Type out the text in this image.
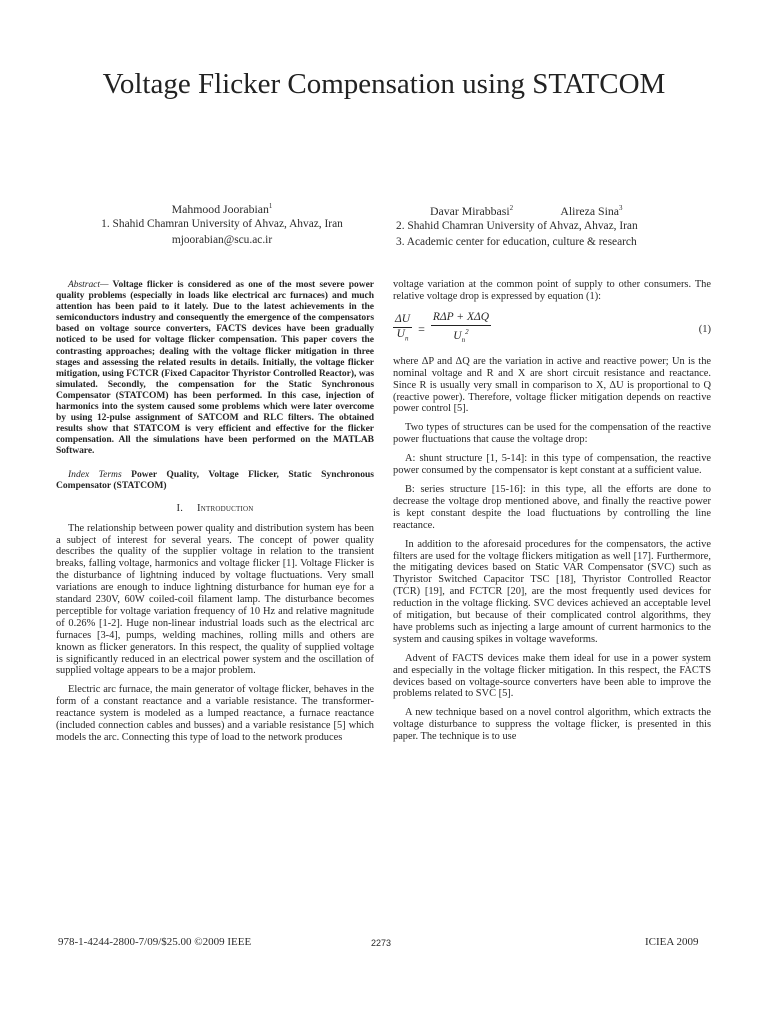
Voltage Flicker Compensation using STATCOM
Mahmood Joorabian$^1$
1. Shahid Chamran University of Ahvaz, Ahvaz, Iran
mjoorabian@scu.ac.ir
Davar Mirabbasi$^2$	Alireza Sina$^3$
2. Shahid Chamran University of Ahvaz, Ahvaz, Iran
3. Academic center for education, culture & research

Abstract— Voltage flicker is considered as one of the most severe power quality problems (especially in loads like electrical arc furnaces) and much attention has been paid to it lately. Due to the latest achievements in the semiconductors industry and consequently the emergence of the compensators based on voltage source converters, FACTS devices have been gradually noticed to be used for voltage flicker compensation. This paper covers the contrasting approaches; dealing with the voltage flicker mitigation in three stages and assessing the related results in details. Initially, the voltage flicker mitigation, using FCTCR (Fixed Capacitor Thyristor Controlled Reactor), was simulated. Secondly, the compensation for the Static Synchronous Compensator (STATCOM) has been performed. In this case, injection of harmonics into the system caused some problems which were later overcome by using 12-pulse assignment of SATCOM and RLC filters. The obtained results show that STATCOM is very efficient and effective for the flicker compensation. All the simulations have been performed on the MATLAB Software.

Index Terms Power Quality, Voltage Flicker, Static Synchronous Compensator (STATCOM)

I. Introduction

The relationship between power quality and distribution system has been a subject of interest for several years. The concept of power quality describes the quality of the supplier voltage in relation to the transient breaks, falling voltage, harmonics and voltage flicker [1]. Voltage Flicker is the disturbance of lightning induced by voltage fluctuations. Very small variations are enough to induce lightning disturbance for human eye for a standard 230V, 60W coiled-coil filament lamp. The disturbance becomes perceptible for voltage variation frequency of 10 Hz and relative magnitude of 0.26% [1-2]. Huge non-linear industrial loads such as the electrical arc furnaces [3-4], pumps, welding machines, rolling mills and others are known as flicker generators. In this respect, the quality of supplied voltage is significantly reduced in an electrical power system and the oscillation of supplied voltage appears to be a major problem.

Electric arc furnace, the main generator of voltage flicker, behaves in the form of a constant reactance and a variable resistance. The transformer-reactance system is modeled as a lumped reactance, a furnace reactance (included connection cables and busses) and a variable resistance [5] which models the arc. Connecting this type of load to the network produces

voltage variation at the common point of supply to other consumers. The relative voltage drop is expressed by equation (1):

$\frac{\Delta U}{U_n} = \frac{\text{RΔP + XΔQ}}{U_n^2}$	(1)

where ΔP and ΔQ are the variation in active and reactive power; Un is the nominal voltage and R and X are short circuit resistance and reactance. Since R is usually very small in comparison to X, ΔU is proportional to Q (reactive power). Therefore, voltage flicker mitigation depends on reactive power control [5].

Two types of structures can be used for the compensation of the reactive power fluctuations that cause the voltage drop:

A: shunt structure [1, 5-14]: in this type of compensation, the reactive power consumed by the compensator is kept constant at a sufficient value.

B: series structure [15-16]: in this type, all the efforts are done to decrease the voltage drop mentioned above, and finally the reactive power is kept constant despite the load fluctuations by controlling the line reactance.

In addition to the aforesaid procedures for the compensators, the active filters are used for the voltage flickers mitigation as well [17]. Furthermore, the mitigating devices based on Static VAR Compensator (SVC) such as Thyristor Switched Capacitor TSC [18], Thyristor Controlled Reactor (TCR) [19], and FCTCR [20], are the most frequently used devices for reduction in the voltage flicking. SVC devices achieved an acceptable level of mitigation, but because of their complicated control algorithms, they have problems such as injecting a large amount of current harmonics to the system and causing spikes in voltage waveforms.

Advent of FACTS devices make them ideal for use in a power system and especially in the voltage flicker mitigation. In this respect, the FACTS devices based on voltage-source converters have been able to improve the problems related to SVC [5].

A new technique based on a novel control algorithm, which extracts the voltage disturbance to suppress the voltage flicker, is presented in this paper. The technique is to use

978-1-4244-2800-7/09/$25.00 ©2009 IEEE	2273	ICIEA 2009
